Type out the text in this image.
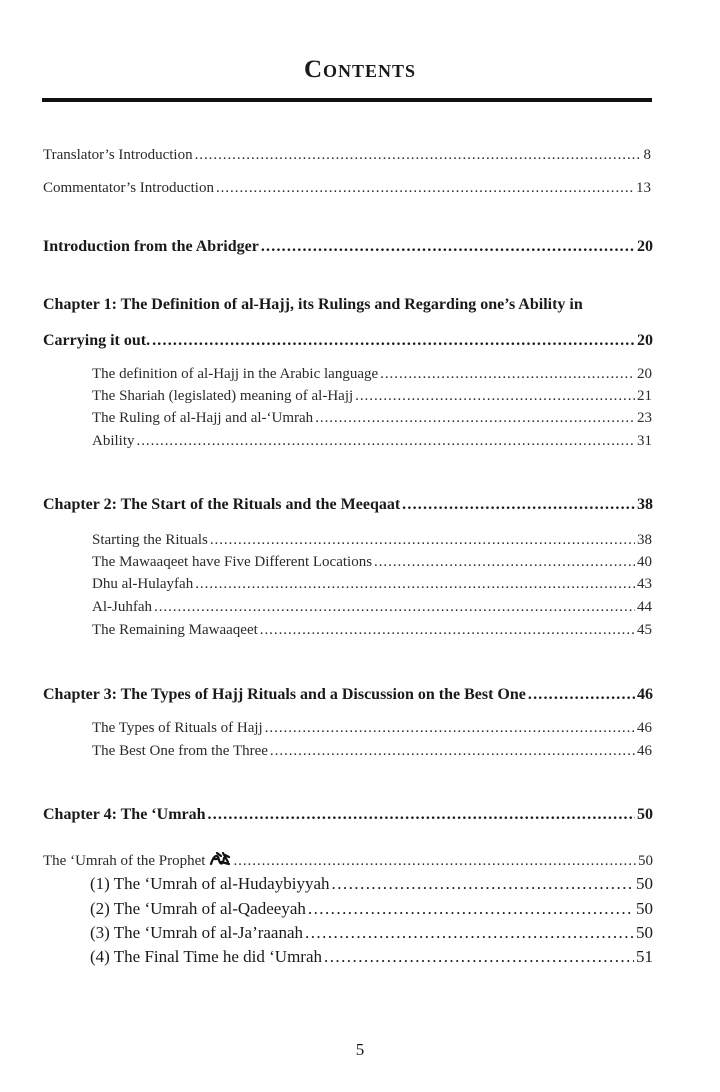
Contents
Translator’s Introduction . . .	8
Commentator’s Introduction . . .	13
Introduction from the Abridger . . .	20
Chapter 1: The Definition of al-Hajj, its Rulings and Regarding one’s Ability in
Carrying it out. . . .	20
The definition of al-Hajj in the Arabic language . . .	20
The Shariah (legislated) meaning of al-Hajj . . .	21
The Ruling of al-Hajj and al-‘Umrah . . .	23
Ability . . .	31
Chapter 2: The Start of the Rituals and the Meeqaat . . .	38
Starting the Rituals . . .	38
The Mawaaqeet have Five Different Locations . . .	40
Dhu al-Hulayfah . . .	43
Al-Juhfah . . .	44
The Remaining Mawaaqeet . . .	45
Chapter 3: The Types of Hajj Rituals and a Discussion on the Best One . . .	46
The Types of Rituals of Hajj . . .	46
The Best One from the Three . . .	46
Chapter 4: The ‘Umrah . . .	50
The ‘Umrah of the Prophet . . .	50
(1) The ‘Umrah of al-Hudaybiyyah . . .	50
(2) The ‘Umrah of al-Qadeeyah . . .	50
(3) The ‘Umrah of al-Ja’raanah . . .	50
(4) The Final Time he did ‘Umrah . . .	51
5
